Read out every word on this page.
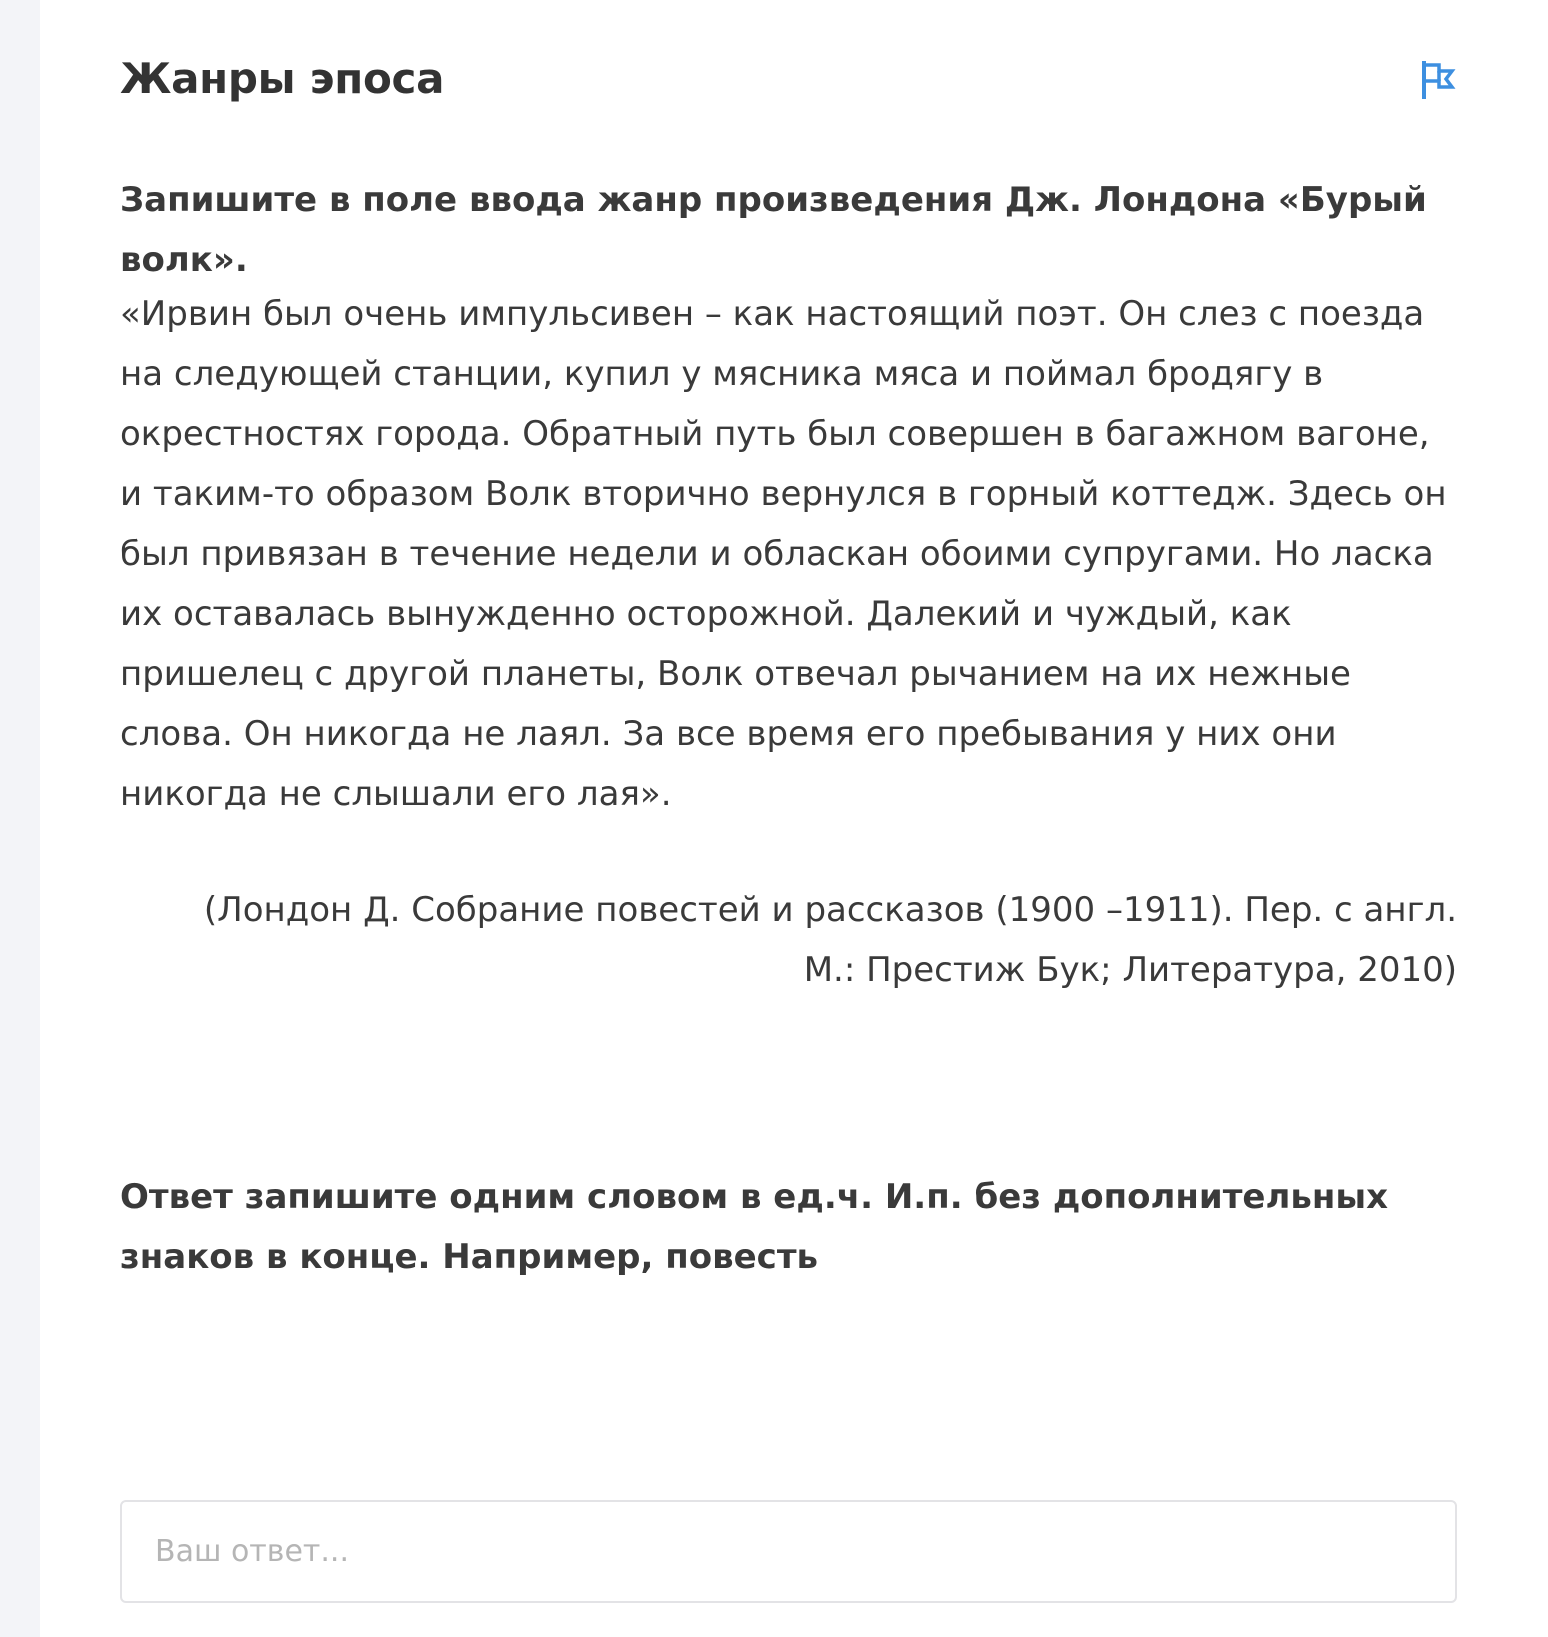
Жанры эпоса

Запишите в поле ввода жанр произведения Дж. Лондона «Бурый волк».

«Ирвин был очень импульсивен – как настоящий поэт. Он слез с поезда на следующей станции, купил у мясника мяса и поймал бродягу в окрестностях города. Обратный путь был совершен в багажном вагоне, и таким-то образом Волк вторично вернулся в горный коттедж. Здесь он был привязан в течение недели и обласкан обоими супругами. Но ласка их оставалась вынужденно осторожной. Далекий и чуждый, как пришелец с другой планеты, Волк отвечал рычанием на их нежные слова. Он никогда не лаял. За все время его пребывания у них они никогда не слышали его лая».

(Лондон Д. Собрание повестей и рассказов (1900 –1911). Пер. с англ.
М.: Престиж Бук; Литература, 2010)

Ответ запишите одним словом в ед.ч. И.п. без дополнительных знаков в конце. Например, повесть

Ваш ответ...
